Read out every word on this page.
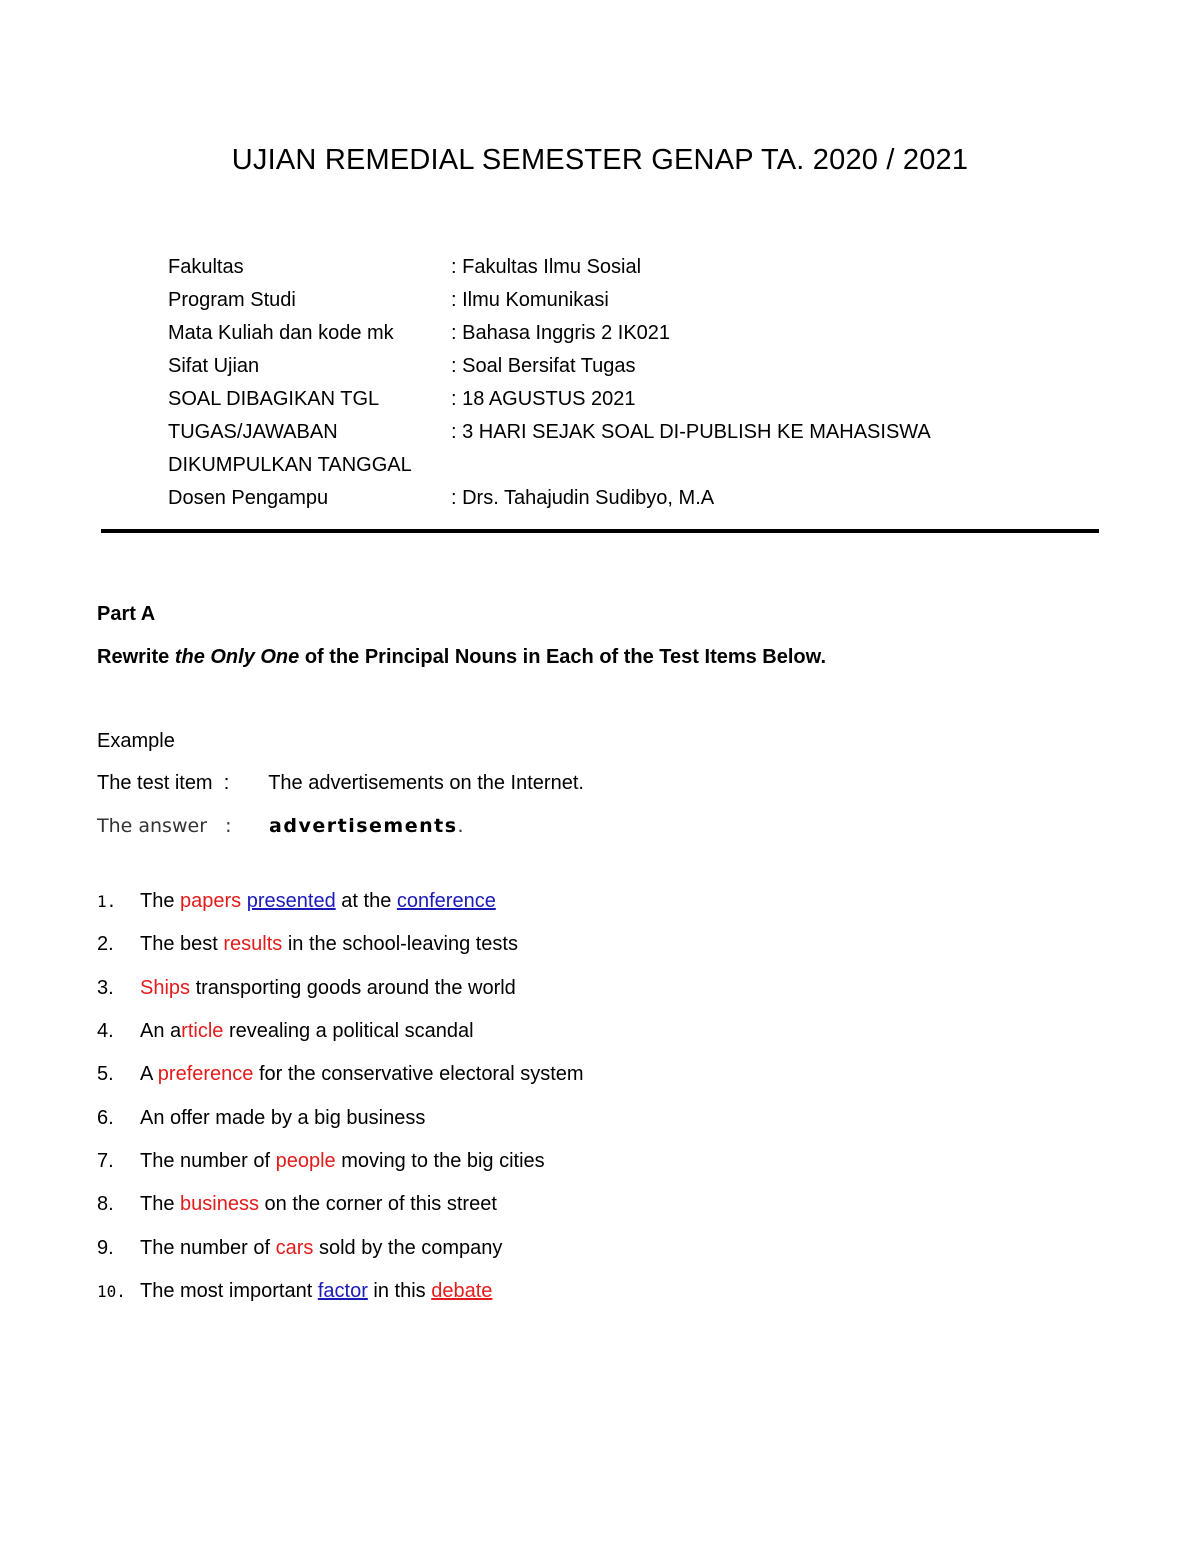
UJIAN REMEDIAL SEMESTER GENAP TA. 2020 / 2021
Fakultas	: Fakultas Ilmu Sosial
Program Studi	: Ilmu Komunikasi
Mata Kuliah dan kode mk	: Bahasa Inggris 2 IK021
Sifat Ujian	: Soal Bersifat Tugas
SOAL DIBAGIKAN TGL	: 18 AGUSTUS 2021
TUGAS/JAWABAN	: 3 HARI SEJAK SOAL DI-PUBLISH KE MAHASISWA
DIKUMPULKAN TANGGAL
Dosen Pengampu	: Drs. Tahajudin Sudibyo, M.A
Part A
Rewrite the Only One of the Principal Nouns in Each of the Test Items Below.
Example
The test item : The advertisements on the Internet.
The answer : advertisements.
1.	The papers presented at the conference
2.	The best results in the school-leaving tests
3.	Ships transporting goods around the world
4.	An article revealing a political scandal
5.	A preference for the conservative electoral system
6.	An offer made by a big business
7.	The number of people moving to the big cities
8.	The business on the corner of this street
9.	The number of cars sold by the company
10. The most important factor in this debate
